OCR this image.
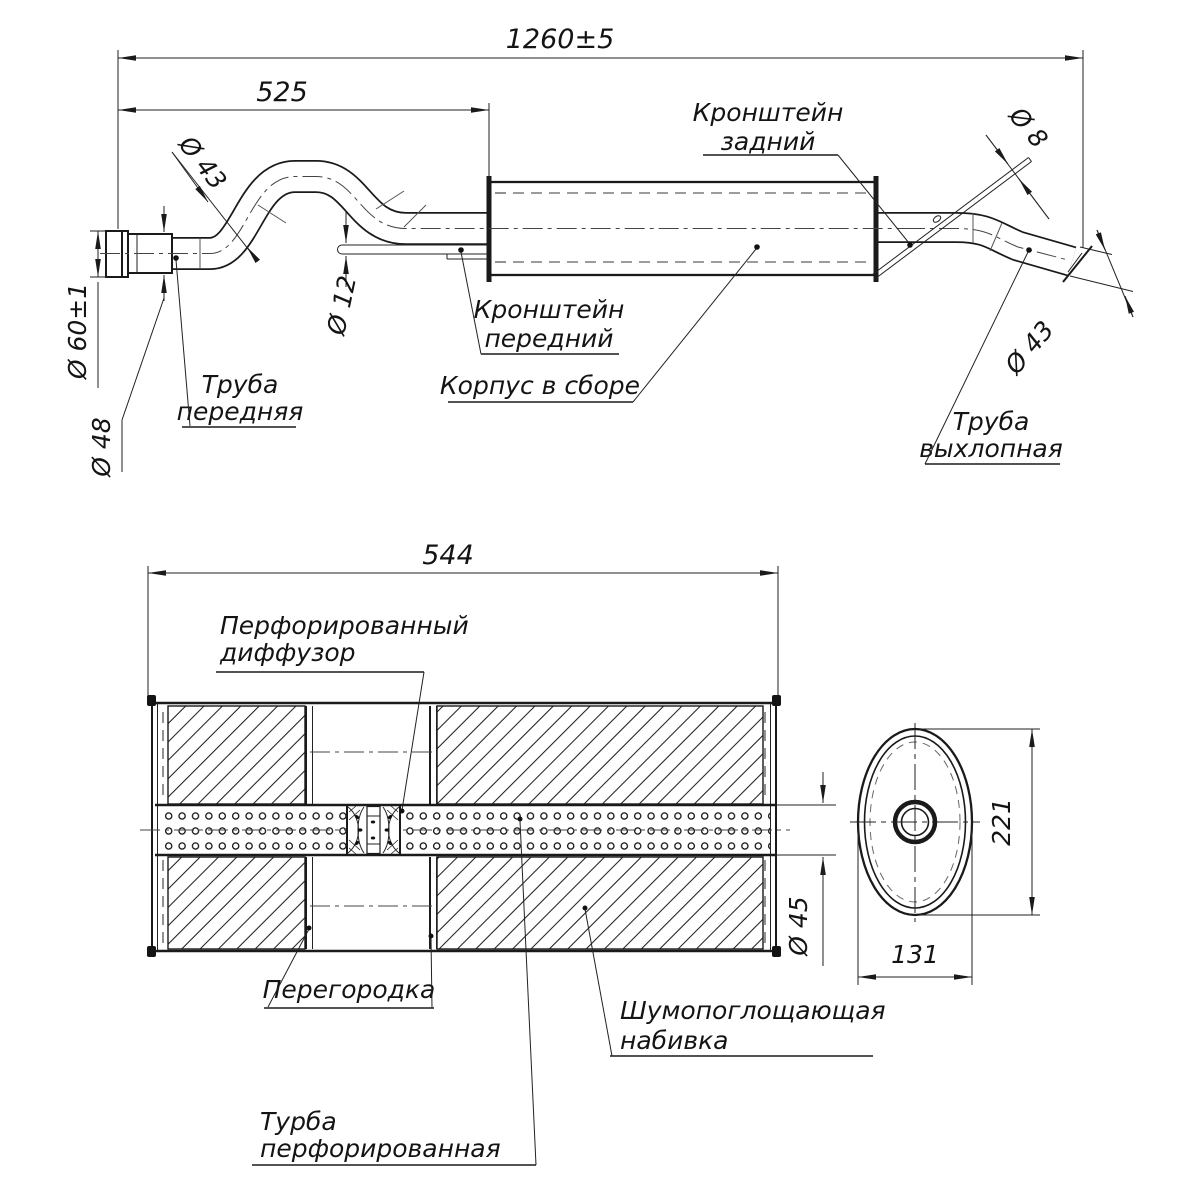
1260±5
525
Ø 60±1
Ø 48
Ø 43
Ø 12
Ø 8
Ø 43
Кронштейн
задний
Кронштейн
передний
Труба
передняя
Корпус в сборе
Труба
выхлопная
544
Ø 45
Перфорированный
диффузор
Перегородка
Шумопоглощающая
набивка
Турба
перфорированная
221
131
